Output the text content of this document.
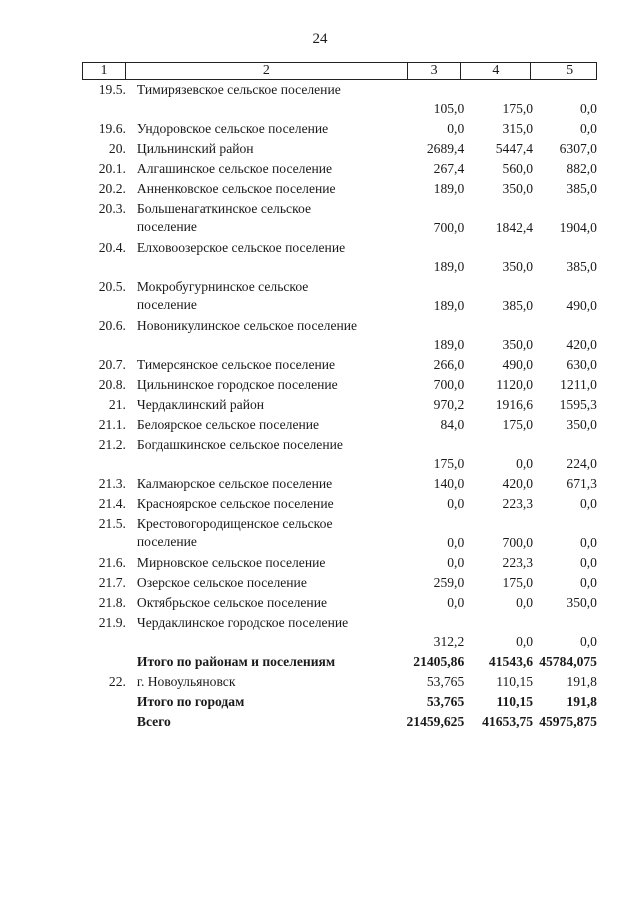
24
1	2	3	4	5
19.5. Тимирязевское сельское поселение
105,0	175,0	0,0
19.6. Ундоровское сельское поселение	0,0	315,0	0,0
20. Цильнинский район	2689,4	5447,4	6307,0
20.1. Алгашинское сельское поселение	267,4	560,0	882,0
20.2. Анненковское сельское поселение	189,0	350,0	385,0
20.3. Большенагаткинское сельское поселение	700,0	1842,4	1904,0
20.4. Елховоозерское сельское поселение
189,0	350,0	385,0
20.5. Мокробугурнинское сельское поселение	189,0	385,0	490,0
20.6. Новоникулинское сельское поселение
189,0	350,0	420,0
20.7. Тимерсянское сельское поселение	266,0	490,0	630,0
20.8. Цильнинское городское поселение	700,0	1120,0	1211,0
21. Чердаклинский район	970,2	1916,6	1595,3
21.1. Белоярское сельское поселение	84,0	175,0	350,0
21.2. Богдашкинское сельское поселение
175,0	0,0	224,0
21.3. Калмаюрское сельское поселение	140,0	420,0	671,3
21.4. Красноярское сельское поселение	0,0	223,3	0,0
21.5. Крестовогородищенское сельское поселение	0,0	700,0	0,0
21.6. Мирновское сельское поселение	0,0	223,3	0,0
21.7. Озерское сельское поселение	259,0	175,0	0,0
21.8. Октябрьское сельское поселение	0,0	0,0	350,0
21.9. Чердаклинское городское поселение
312,2	0,0	0,0
Итого по районам и поселениям	21405,86	41543,6 45784,075
22. г. Новоульяновск	53,765	110,15	191,8
Итого по городам	53,765	110,15	191,8
Всего	21459,625	41653,75 45975,875
